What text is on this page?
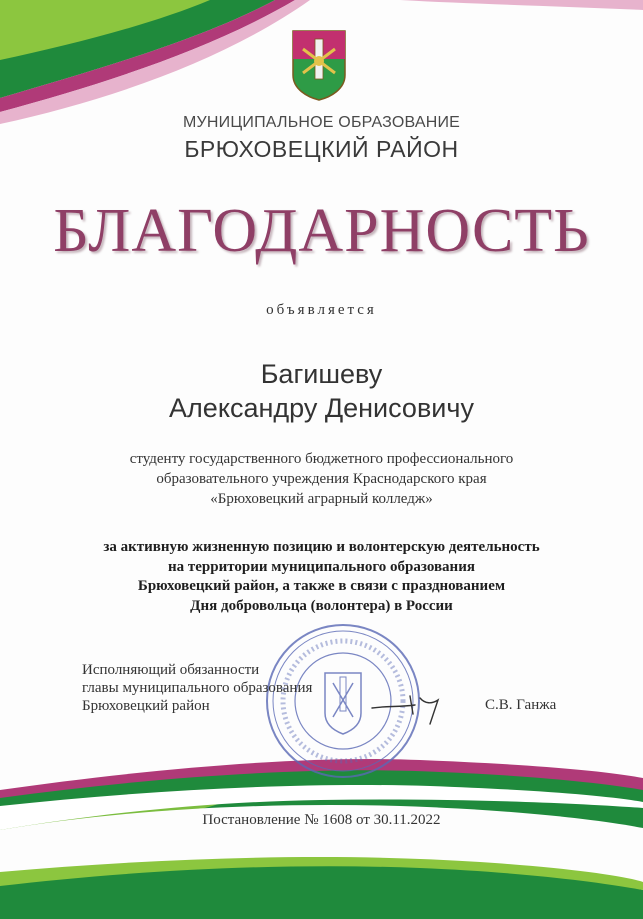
МУНИЦИПАЛЬНОЕ ОБРАЗОВАНИЕ
БРЮХОВЕЦКИЙ РАЙОН
БЛАГОДАРНОСТЬ
объявляется
Багишеву
Александру Денисовичу
студенту государственного бюджетного профессионального
образовательного учреждения Краснодарского края
«Брюховецкий аграрный колледж»
за активную жизненную позицию и волонтерскую деятельность
на территории муниципального образования
Брюховецкий район, а также в связи с празднованием
Дня добровольца (волонтера) в России
Исполняющий обязанности
главы муниципального образования
Брюховецкий район	С.В. Ганжа
Постановление № 1608 от 30.11.2022
